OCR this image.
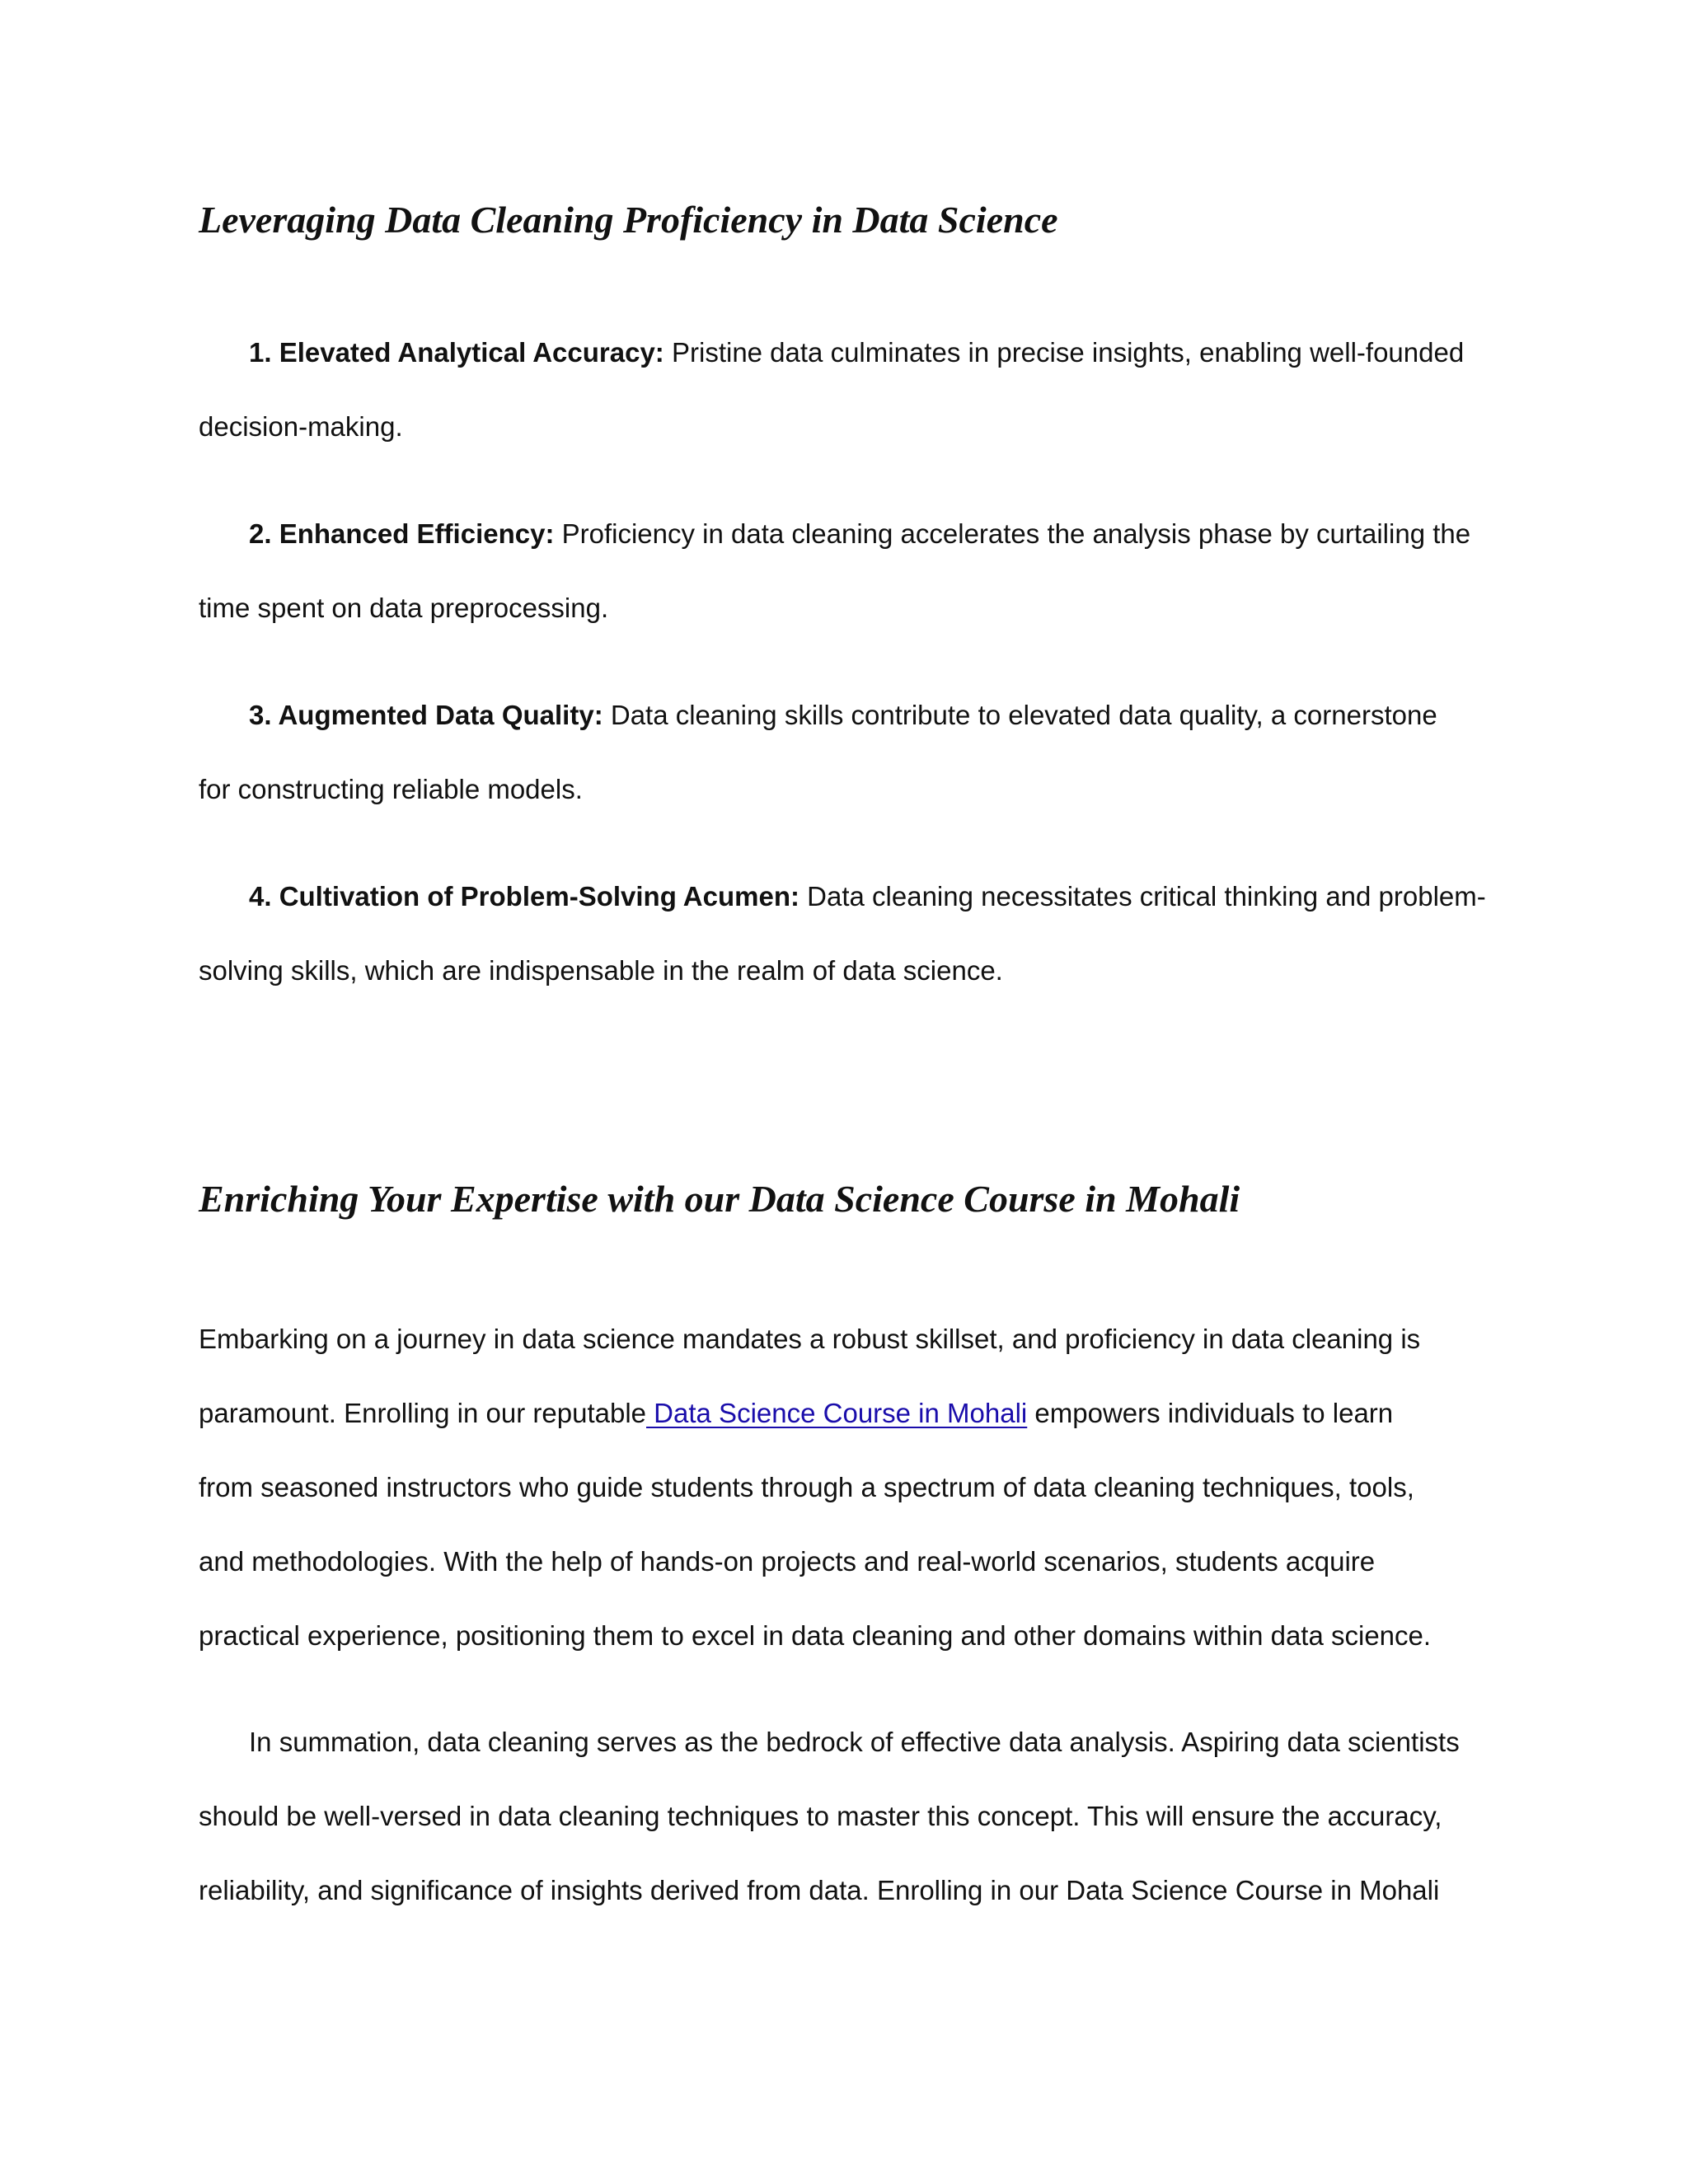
Leveraging Data Cleaning Proficiency in Data Science

1. Elevated Analytical Accuracy: Pristine data culminates in precise insights, enabling well-founded
decision-making.

2. Enhanced Efficiency: Proficiency in data cleaning accelerates the analysis phase by curtailing the
time spent on data preprocessing.

3. Augmented Data Quality: Data cleaning skills contribute to elevated data quality, a cornerstone
for constructing reliable models.

4. Cultivation of Problem-Solving Acumen: Data cleaning necessitates critical thinking and problem-
solving skills, which are indispensable in the realm of data science.

Enriching Your Expertise with our Data Science Course in Mohali

Embarking on a journey in data science mandates a robust skillset, and proficiency in data cleaning is
paramount. Enrolling in our reputable Data Science Course in Mohali empowers individuals to learn
from seasoned instructors who guide students through a spectrum of data cleaning techniques, tools,
and methodologies. With the help of hands-on projects and real-world scenarios, students acquire
practical experience, positioning them to excel in data cleaning and other domains within data science.

In summation, data cleaning serves as the bedrock of effective data analysis. Aspiring data scientists
should be well-versed in data cleaning techniques to master this concept. This will ensure the accuracy,
reliability, and significance of insights derived from data. Enrolling in our Data Science Course in Mohali
